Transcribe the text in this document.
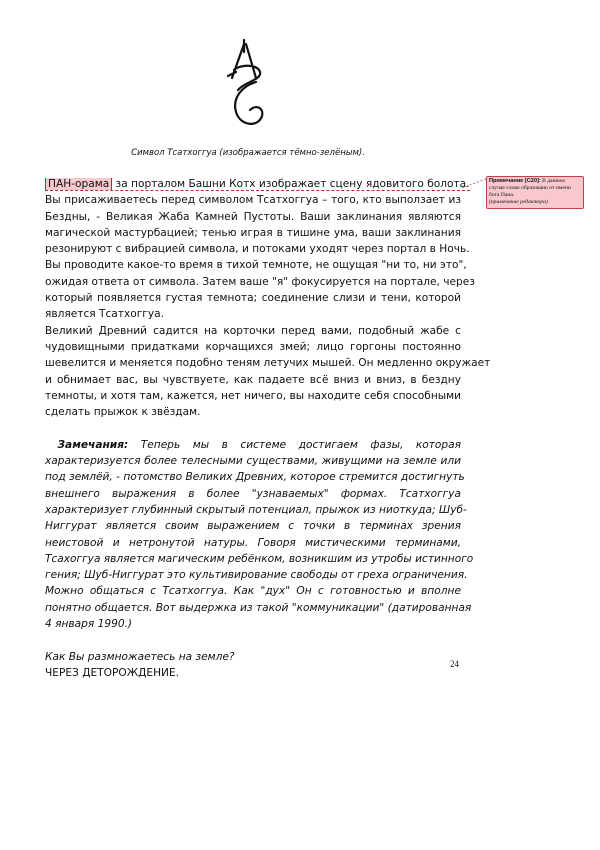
Символ Тсатхоггуа (изображается тёмно-зелёным).
Примечание [C20]: В данном случае слово образовано от имени бога Пана.
(примечание редактора)
ПАН-орама за порталом Башни Котх изображает сцену ядовитого болота.
Вы присаживаетесь перед символом Тсатхоггуа – того, кто выползает из
Бездны, - Великая Жаба Камней Пустоты. Ваши заклинания являются
магической мастурбацией; тенью играя в тишине ума, ваши заклинания
резонируют с вибрацией символа, и потоками уходят через портал в Ночь.
Вы проводите какое-то время в тихой темноте, не ощущая "ни то, ни это",
ожидая ответа от символа. Затем ваше "я" фокусируется на портале, через
который появляется густая темнота; соединение слизи и тени, которой
является Тсатхоггуа.
Великий Древний садится на корточки перед вами, подобный жабе с
чудовищными придатками корчащихся змей; лицо горгоны постоянно
шевелится и меняется подобно теням летучих мышей. Он медленно окружает
и обнимает вас, вы чувствуете, как падаете всё вниз и вниз, в бездну
темноты, и хотя там, кажется, нет ничего, вы находите себя способными
сделать прыжок к звёздам.
Замечания: Теперь мы в системе достигаем фазы, которая
характеризуется более телесными существами, живущими на земле или
под землёй, - потомство Великих Древних, которое стремится достигнуть
внешнего выражения в более "узнаваемых" формах. Тсатхоггуа
характеризует глубинный скрытый потенциал, прыжок из ниоткуда; Шуб-
Ниггурат является своим выражением с точки в терминах зрения
неистовой и нетронутой натуры. Говоря мистическими терминами,
Тсахоггуа является магическим ребёнком, возникшим из утробы истинного
гения; Шуб-Ниггурат это культивирование свободы от греха ограничения.
Можно общаться с Тсатхоггуа. Как "дух" Он с готовностью и вполне
понятно общается. Вот выдержка из такой "коммуникации" (датированная
4 января 1990.)
Как Вы размножаетесь на земле?
ЧЕРЕЗ ДЕТОРОЖДЕНИЕ.
24
